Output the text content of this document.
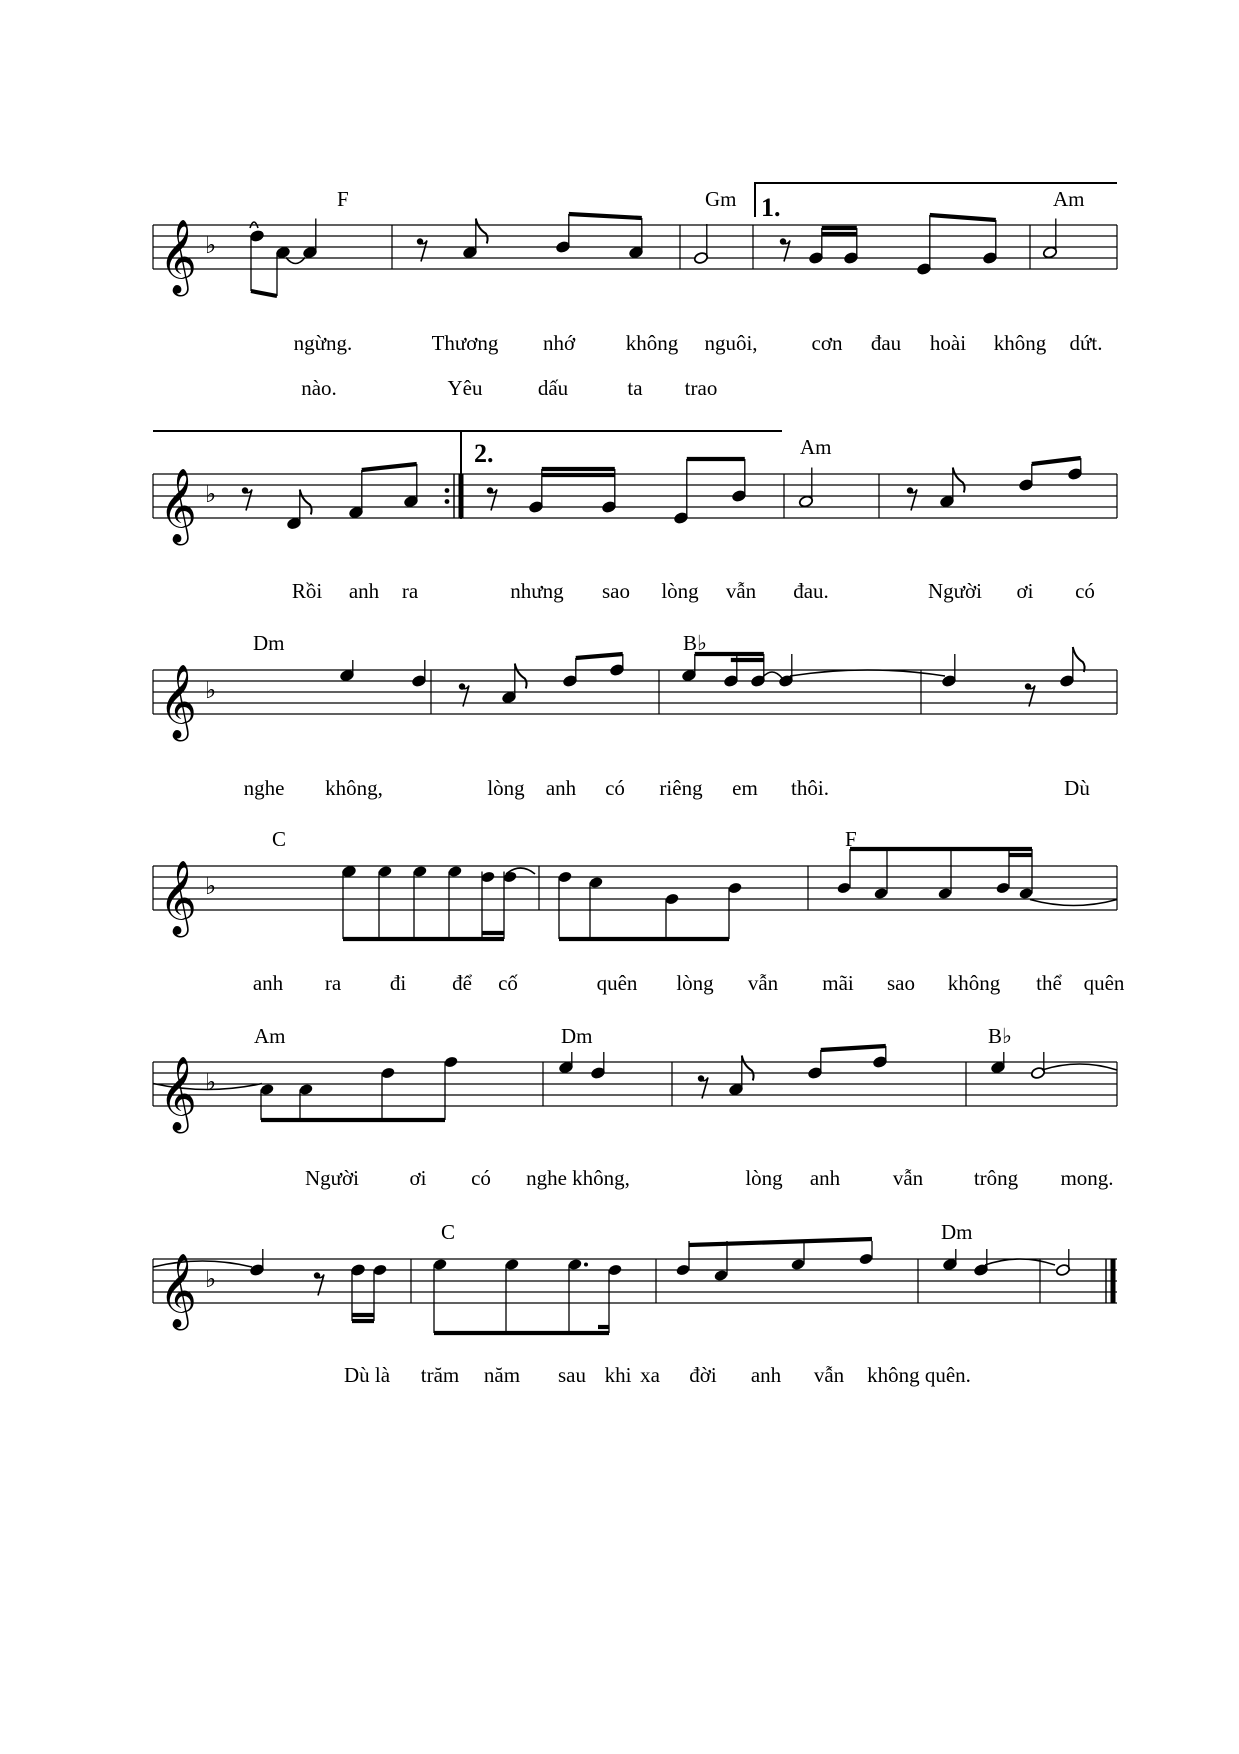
𝄞 ♭
F	Gm	Am
1.
ngừng.	Thương nhớ không nguôi,	cơn đau hoài không dứt.
nào.	Yêu	dấu	ta trao
𝄞 ♭
Am
2.
Rồi anh ra	nhưng sao lòng vẫn đau.	Người ơi có
𝄞 ♭
Dm	B♭
nghe không,	lòng anh có riêng em thôi.	Dù
𝄞 ♭
C	F
anh ra đi để cố	quên lòng vẫn mãi sao không thể quên
𝄞 ♭
Am	Dm	B♭
Người ơi có nghe không,	lòng anh	vẫn trông mong.
𝄞 ♭
C	Dm
Dù là trăm năm sau khi xa đời anh vẫn không quên.
